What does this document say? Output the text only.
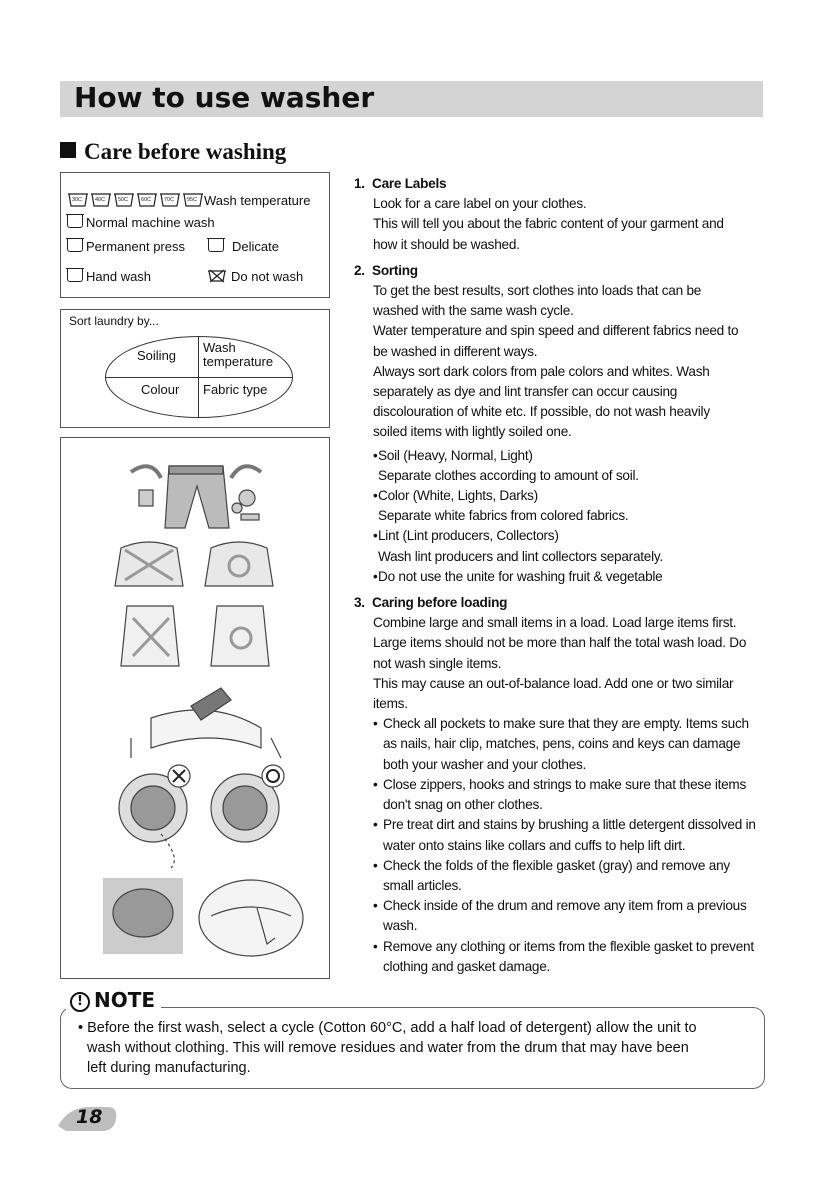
How to use washer
Care before washing
30C 40C 50C 60C 70C 95C Wash temperature
Normal machine wash
Permanent press	Delicate
Hand wash	Do not wash
Sort laundry by...
Soiling
Wash
temperature
Colour Fabric type
1. Care Labels
Look for a care label on your clothes.
This will tell you about the fabric content of your garment and
how it should be washed.
2. Sorting
To get the best results, sort clothes into loads that can be
washed with the same wash cycle.
Water temperature and spin speed and different fabrics need to
be washed in different ways.
Always sort dark colors from pale colors and whites. Wash
separately as dye and lint transfer can occur causing
discolouration of white etc. If possible, do not wash heavily
soiled items with lightly soiled one.
• Soil (Heavy, Normal, Light)
Separate clothes according to amount of soil.
• Color (White, Lights, Darks)
Separate white fabrics from colored fabrics.
• Lint (Lint producers, Collectors)
Wash lint producers and lint collectors separately.
• Do not use the unite for washing fruit & vegetable
3. Caring before loading
Combine large and small items in a load. Load large items first.
Large items should not be more than half the total wash load. Do
not wash single items.
This may cause an out-of-balance load. Add one or two similar
items.
• Check all pockets to make sure that they are empty. Items such
as nails, hair clip, matches, pens, coins and keys can damage
both your washer and your clothes.
• Close zippers, hooks and strings to make sure that these items
don't snag on other clothes.
• Pre treat dirt and stains by brushing a little detergent dissolved in
water onto stains like collars and cuffs to help lift dirt.
• Check the folds of the flexible gasket (gray) and remove any
small articles.
• Check inside of the drum and remove any item from a previous
wash.
• Remove any clothing or items from the flexible gasket to prevent
clothing and gasket damage.
! NOTE
• Before the first wash, select a cycle (Cotton 60°C, add a half load of detergent) allow the unit to
wash without clothing. This will remove residues and water from the drum that may have been
left during manufacturing.
18
